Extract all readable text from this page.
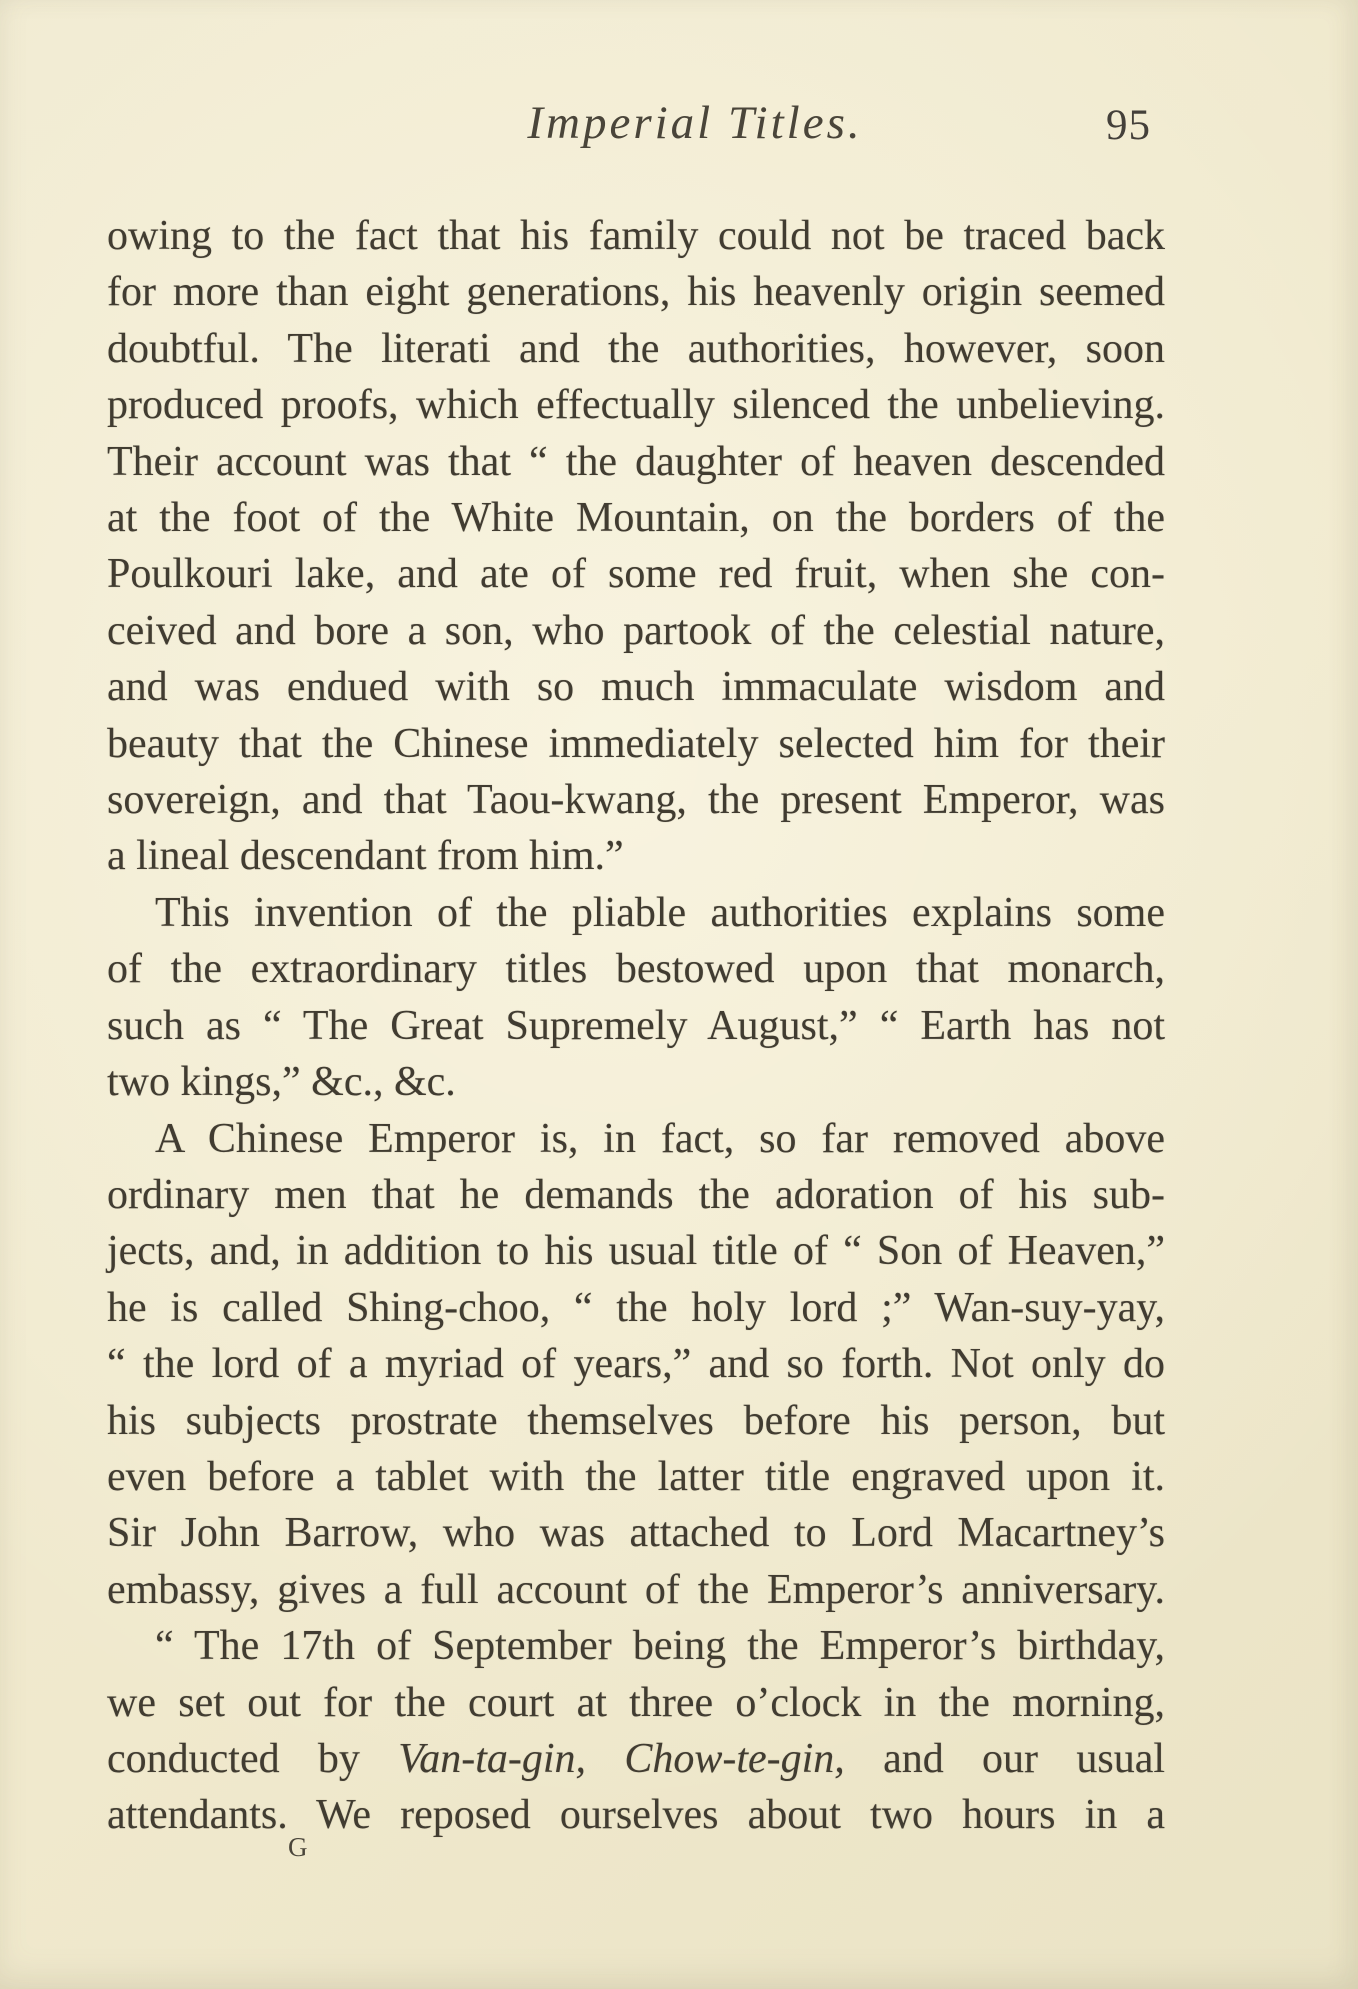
Imperial Titles.	95
owing to the fact that his family could not be traced back
for more than eight generations, his heavenly origin seemed
doubtful. The literati and the authorities, however, soon
produced proofs, which effectually silenced the unbelieving.
Their account was that “ the daughter of heaven descended
at the foot of the White Mountain, on the borders of the
Poulkouri lake, and ate of some red fruit, when she con-
ceived and bore a son, who partook of the celestial nature,
and was endued with so much immaculate wisdom and
beauty that the Chinese immediately selected him for their
sovereign, and that Taou-kwang, the present Emperor, was
a lineal descendant from him.”
This invention of the pliable authorities explains some
of the extraordinary titles bestowed upon that monarch,
such as “ The Great Supremely August,” “ Earth has not
two kings,” &c., &c.
A Chinese Emperor is, in fact, so far removed above
ordinary men that he demands the adoration of his sub-
jects, and, in addition to his usual title of “ Son of Heaven,”
he is called Shing-choo, “ the holy lord ;” Wan-suy-yay,
“ the lord of a myriad of years,” and so forth. Not only do
his subjects prostrate themselves before his person, but
even before a tablet with the latter title engraved upon it.
Sir John Barrow, who was attached to Lord Macartney’s
embassy, gives a full account of the Emperor’s anniversary.
“ The 17th of September being the Emperor’s birthday,
we set out for the court at three o’clock in the morning,
conducted by Van-ta-gin, Chow-te-gin, and our usual
attendants. We reposed ourselves about two hours in a
G
